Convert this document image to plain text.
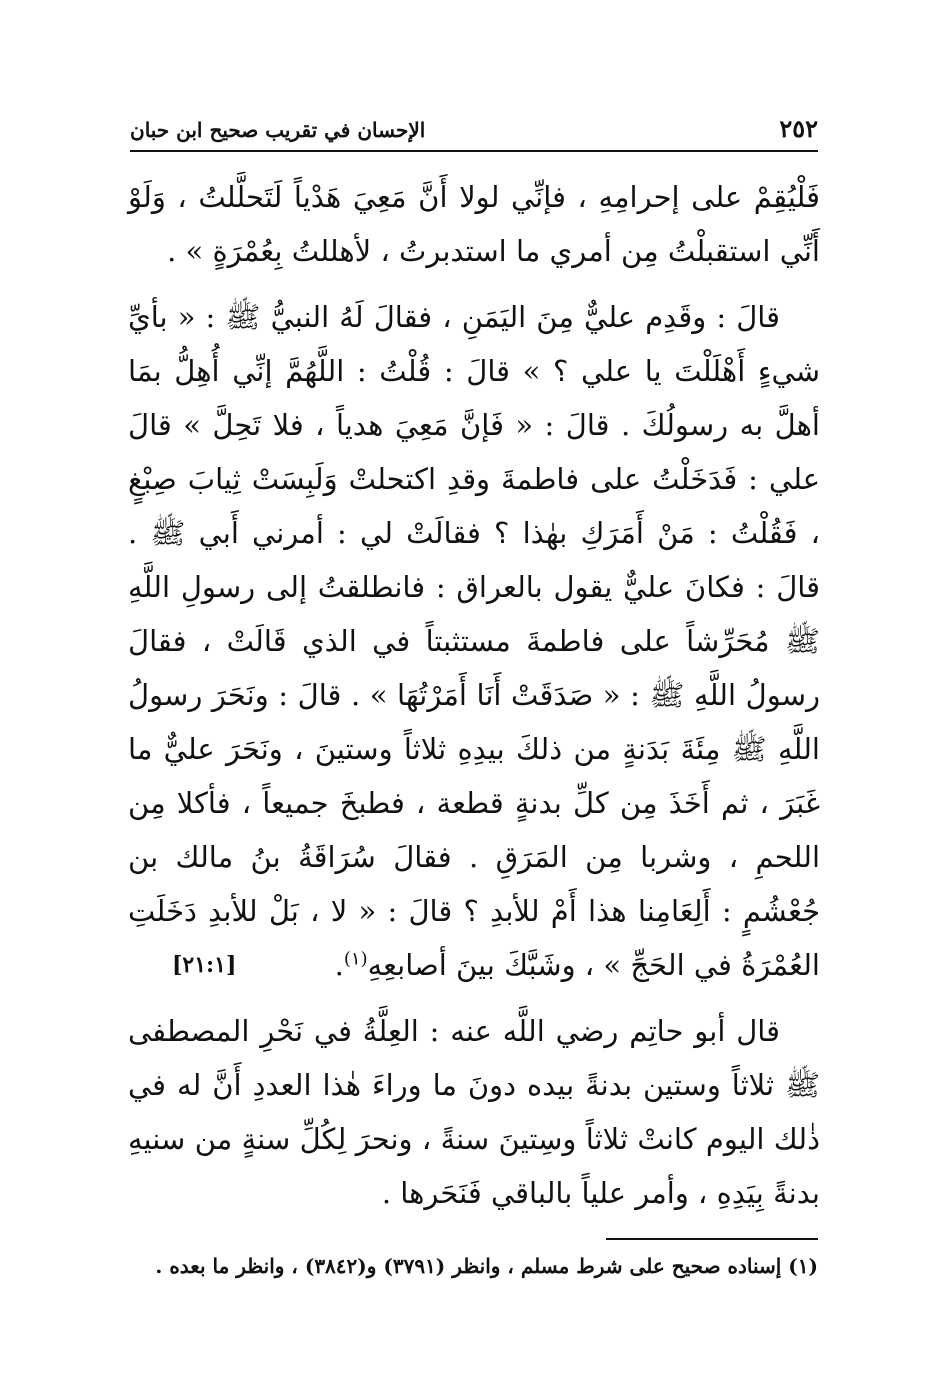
٢٥٢
الإحسان في تقريب صحيح ابن حبان

فَلْيُقِمْ على إحرامِهِ ، فإنِّي لولا أَنَّ مَعِيَ هَدْياً لَتَحلَّلتُ ، وَلَوْ أَنِّي استقبلْتُ مِن أمري ما استدبرتُ ، لأهللتُ بِعُمْرَةٍ » .

قالَ : وقَدِم عليٌّ مِنَ اليَمَنِ ، فقالَ لَهُ النبيُّ ﷺ : « بأيِّ شيءٍ أَهْلَلْتَ يا علي ؟ » قالَ : قُلْتُ : اللَّهُمَّ إنِّي أُهِلُّ بمَا أهلَّ به رسولُكَ . قالَ : « فَإنَّ مَعِيَ هدياً ، فلا تَحِلَّ » قالَ علي : فَدَخَلْتُ على فاطمةَ وقدِ اكتحلتْ وَلَبِسَتْ ثِيابَ صِبْغٍ ، فَقُلْتُ : مَنْ أَمَرَكِ بهٰذا ؟ فقالَتْ لي : أمرني أَبي ﷺ . قالَ : فكانَ عليٌّ يقول بالعراق : فانطلقتُ إلى رسولِ اللَّهِ ﷺ مُحَرِّشاً على فاطمةَ مستثبتاً في الذي قَالَتْ ، فقالَ رسولُ اللَّهِ ﷺ : « صَدَقَتْ أَنَا أَمَرْتُهَا » . قالَ : ونَحَرَ رسولُ اللَّهِ ﷺ مِئَةَ بَدَنةٍ من ذلكَ بيدِهِ ثلاثاً وستينَ ، ونَحَرَ عليٌّ ما غَبَرَ ، ثم أَخَذَ مِن كلِّ بدنةٍ قطعة ، فطبخَ جميعاً ، فأكلا مِن اللحمِ ، وشربا مِن المَرَقِ . فقالَ سُرَاقَةُ بنُ مالك بن جُعْشُمٍ : أَلِعَامِنا هذا أَمْ للأبدِ ؟ قالَ : « لا ، بَلْ للأبدِ دَخَلَتِ العُمْرَةُ في الحَجِّ » ، وشَبَّكَ بينَ أصابعِهِ$^{(١)}$.
[٢١:١]

قال أبو حاتِم رضي اللَّه عنه : العِلَّةُ في نَحْرِ المصطفى ﷺ ثلاثاً وستين بدنةً بيده دونَ ما وراءَ هٰذا العددِ أَنَّ له في ذٰلك اليوم كانتْ ثلاثاً وسِتينَ سنةً ، ونحرَ لِكُلِّ سنةٍ من سنيهِ بدنةً بِيَدِهِ ، وأمر علياً بالباقي فَنَحَرها .

(١) إسناده صحيح على شرط مسلم ، وانظر (٣٧٩١) و(٣٨٤٢) ، وانظر ما بعده .
